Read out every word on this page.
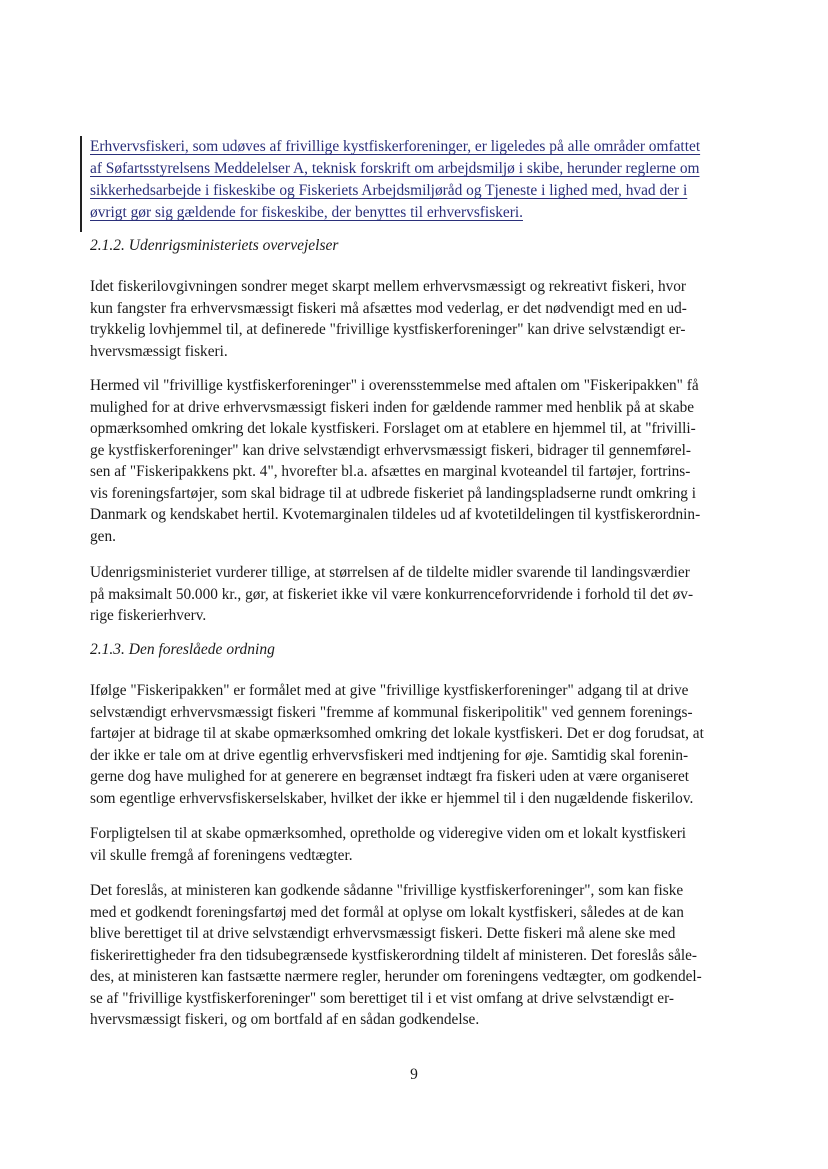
Erhvervsfiskeri, som udøves af frivillige kystfiskerforeninger, er ligeledes på alle områder omfattet
af Søfartsstyrelsens Meddelelser A, teknisk forskrift om arbejdsmiljø i skibe, herunder reglerne om
sikkerhedsarbejde i fiskeskibe og Fiskeriets Arbejdsmiljøråd og Tjeneste i lighed med, hvad der i
øvrigt gør sig gældende for fiskeskibe, der benyttes til erhvervsfiskeri.
2.1.2. Udenrigsministeriets overvejelser
Idet fiskerilovgivningen sondrer meget skarpt mellem erhvervsmæssigt og rekreativt fiskeri, hvor
kun fangster fra erhvervsmæssigt fiskeri må afsættes mod vederlag, er det nødvendigt med en ud-
trykkelig lovhjemmel til, at definerede "frivillige kystfiskerforeninger" kan drive selvstændigt er-
hvervsmæssigt fiskeri.
Hermed vil "frivillige kystfiskerforeninger" i overensstemmelse med aftalen om "Fiskeripakken" få
mulighed for at drive erhvervsmæssigt fiskeri inden for gældende rammer med henblik på at skabe
opmærksomhed omkring det lokale kystfiskeri. Forslaget om at etablere en hjemmel til, at "frivilli-
ge kystfiskerforeninger" kan drive selvstændigt erhvervsmæssigt fiskeri, bidrager til gennemførel-
sen af "Fiskeripakkens pkt. 4", hvorefter bl.a. afsættes en marginal kvoteandel til fartøjer, fortrins-
vis foreningsfartøjer, som skal bidrage til at udbrede fiskeriet på landingspladserne rundt omkring i
Danmark og kendskabet hertil. Kvotemarginalen tildeles ud af kvotetildelingen til kystfiskerordnin-
gen.
Udenrigsministeriet vurderer tillige, at størrelsen af de tildelte midler svarende til landingsværdier
på maksimalt 50.000 kr., gør, at fiskeriet ikke vil være konkurrenceforvridende i forhold til det øv-
rige fiskerierhverv.
2.1.3. Den foreslåede ordning
Ifølge "Fiskeripakken" er formålet med at give "frivillige kystfiskerforeninger" adgang til at drive
selvstændigt erhvervsmæssigt fiskeri "fremme af kommunal fiskeripolitik" ved gennem forenings-
fartøjer at bidrage til at skabe opmærksomhed omkring det lokale kystfiskeri. Det er dog forudsat, at
der ikke er tale om at drive egentlig erhvervsfiskeri med indtjening for øje. Samtidig skal forenin-
gerne dog have mulighed for at generere en begrænset indtægt fra fiskeri uden at være organiseret
som egentlige erhvervsfiskerselskaber, hvilket der ikke er hjemmel til i den nugældende fiskerilov.
Forpligtelsen til at skabe opmærksomhed, opretholde og videregive viden om et lokalt kystfiskeri
vil skulle fremgå af foreningens vedtægter.
Det foreslås, at ministeren kan godkende sådanne "frivillige kystfiskerforeninger", som kan fiske
med et godkendt foreningsfartøj med det formål at oplyse om lokalt kystfiskeri, således at de kan
blive berettiget til at drive selvstændigt erhvervsmæssigt fiskeri. Dette fiskeri må alene ske med
fiskerirettigheder fra den tidsubegrænsede kystfiskerordning tildelt af ministeren. Det foreslås såle-
des, at ministeren kan fastsætte nærmere regler, herunder om foreningens vedtægter, om godkendel-
se af "frivillige kystfiskerforeninger" som berettiget til i et vist omfang at drive selvstændigt er-
hvervsmæssigt fiskeri, og om bortfald af en sådan godkendelse.
9
